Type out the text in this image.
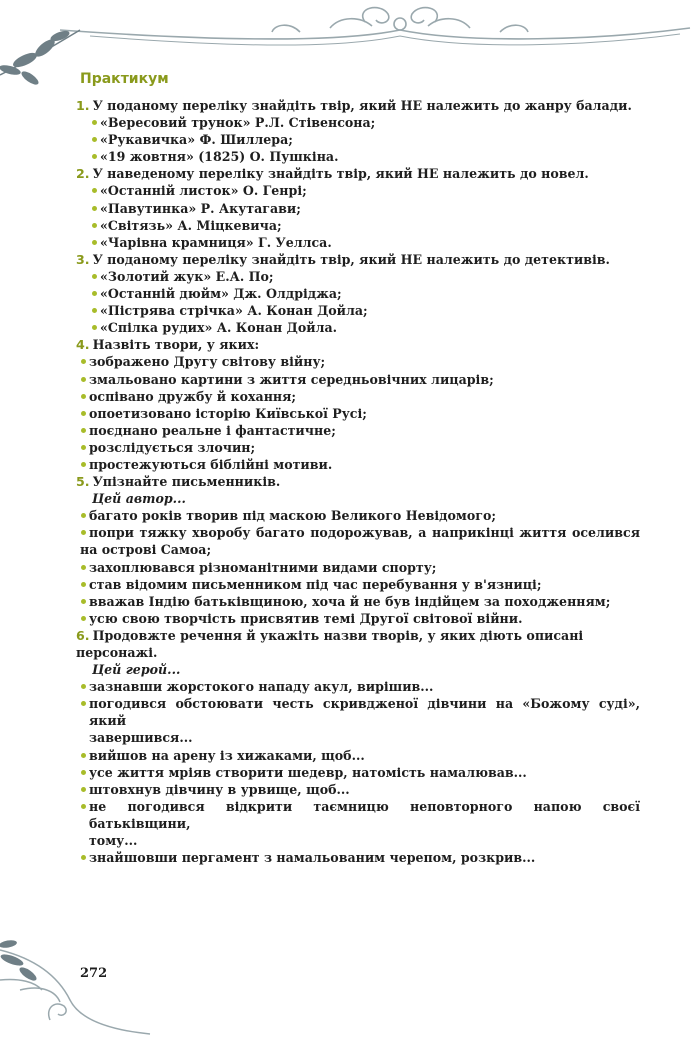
Практикум
1. У поданому переліку знайдіть твір, який НЕ належить до жанру балади.
«Вересовий трунок» Р.Л. Стівенсона;
«Рукавичка» Ф. Шиллера;
«19 жовтня» (1825) О. Пушкіна.
2. У наведеному переліку знайдіть твір, який НЕ належить до новел.
«Останній листок» О. Генрі;
«Павутинка» Р. Акутагави;
«Світязь» А. Міцкевича;
«Чарівна крамниця» Г. Уеллса.
3. У поданому переліку знайдіть твір, який НЕ належить до детективів.
«Золотий жук» Е.А. По;
«Останній дюйм» Дж. Олдріджа;
«Пістрява стрічка» А. Конан Дойла;
«Спілка рудих» А. Конан Дойла.
4. Назвіть твори, у яких:
зображено Другу світову війну;
змальовано картини з життя середньовічних лицарів;
оспівано дружбу й кохання;
опоетизовано історію Київської Русі;
поєднано реальне і фантастичне;
розслідується злочин;
простежуються біблійні мотиви.
5. Упізнайте письменників.
Цей автор...
багато років творив під маскою Великого Невідомого;
попри тяжку хворобу багато подорожував, а наприкінці життя оселився
на острові Самоа;
захоплювався різноманітними видами спорту;
став відомим письменником під час перебування у в'язниці;
вважав Індію батьківщиною, хоча й не був індійцем за походженням;
усю свою творчість присвятив темі Другої світової війни.
6. Продовжте речення й укажіть назви творів, у яких діють описані персонажі.
Цей герой...
зазнавши жорстокого нападу акул, вирішив...
погодився обстоювати честь скривдженої дівчини на «Божому суді», який
завершився...
вийшов на арену із хижаками, щоб...
усе життя мріяв створити шедевр, натомість намалював...
штовхнув дівчину в урвище, щоб...
не погодився відкрити таємницю неповторного напою своєї батьківщини,
тому...
знайшовши пергамент з намальованим черепом, розкрив...
272
